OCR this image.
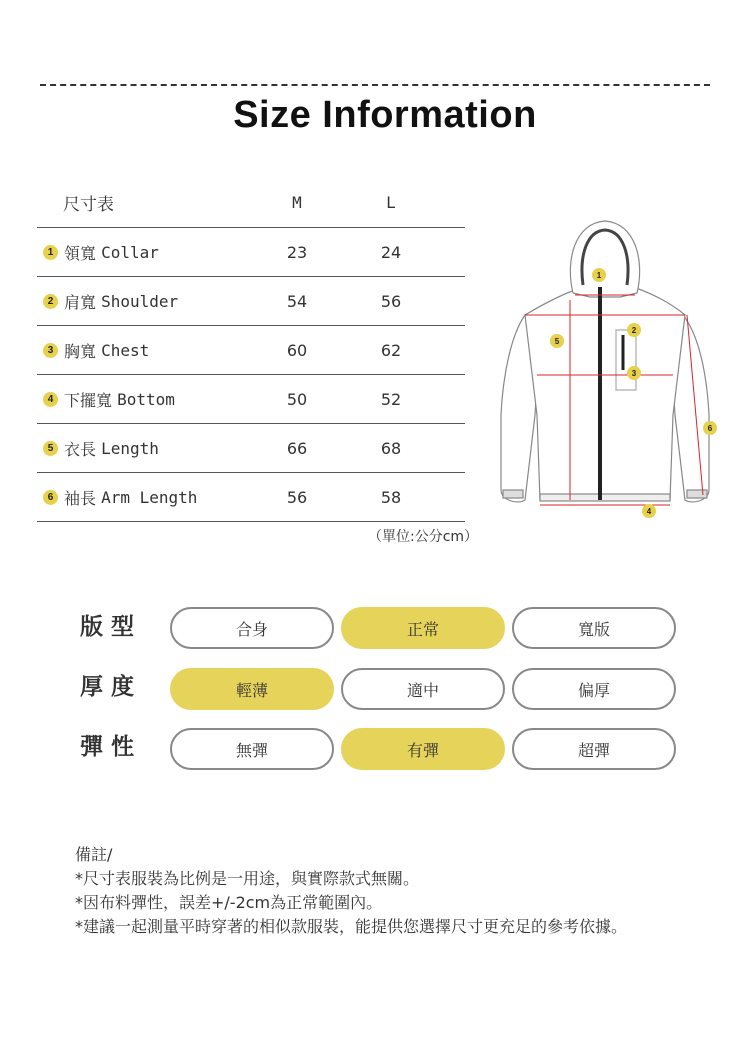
Size Information
尺寸表	M	L
1 領寬
Collar	23	24
2 肩寬
Shoulder	54	56
3 胸寬
Chest	60	62
4 下擺寬
Bottom	50	52
5 衣長
Length	66	68
6 袖長
Arm Length	56	58
（單位:公分cm）
1
2
3
4
5
6
版型	合身	正常	寬版
厚度	輕薄	適中	偏厚
彈性	無彈	有彈	超彈
備註/
*尺寸表服裝為比例是一用途，與實際款式無關。
*因布料彈性，誤差+/-2cm為正常範圍內。
*建議一起測量平時穿著的相似款服裝，能提供您選擇尺寸更充足的參考依據。
